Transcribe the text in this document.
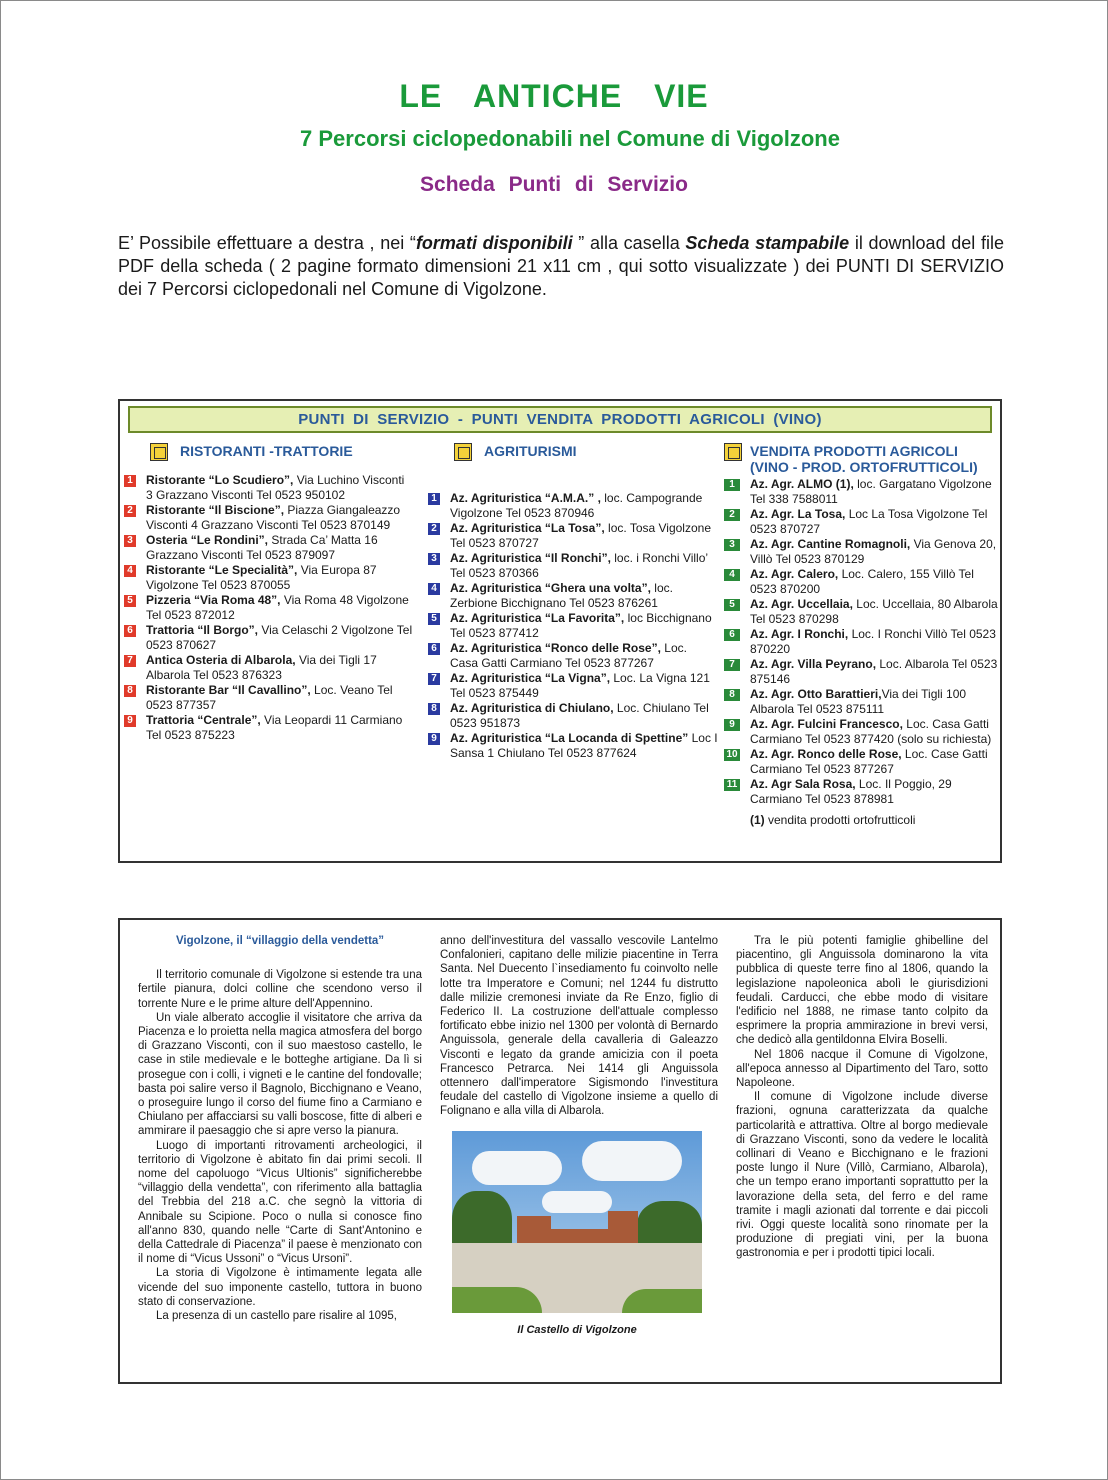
LE ANTICHE VIE
7 Percorsi ciclopedonabili nel Comune di Vigolzone
Scheda Punti di Servizio

E’ Possibile effettuare a destra , nei “formati disponibili ” alla casella Scheda stampabile il download del file PDF della scheda ( 2 pagine formato dimensioni 21 x11 cm , qui sotto visualizzate ) dei PUNTI DI SERVIZIO dei 7 Percorsi ciclopedonali nel Comune di Vigolzone.

PUNTI DI SERVIZIO - PUNTI VENDITA PRODOTTI AGRICOLI (VINO)
RISTORANTI -TRATTORIE
1 Ristorante “Lo Scudiero”, Via Luchino Visconti 3 Grazzano Visconti Tel 0523 950102
2 Ristorante “Il Biscione”, Piazza Giangaleazzo Visconti 4 Grazzano Visconti Tel 0523 870149
3 Osteria “Le Rondini”, Strada Ca’ Matta 16 Grazzano Visconti Tel 0523 879097
4 Ristorante “Le Specialità”, Via Europa 87 Vigolzone Tel 0523 870055
5 Pizzeria “Via Roma 48”, Via Roma 48 Vigolzone Tel 0523 872012
6 Trattoria “Il Borgo”, Via Celaschi 2 Vigolzone Tel 0523 870627
7 Antica Osteria di Albarola, Via dei Tigli 17 Albarola Tel 0523 876323
8 Ristorante Bar “Il Cavallino”, Loc. Veano Tel 0523 877357
9 Trattoria “Centrale”, Via Leopardi 11 Carmiano Tel 0523 875223
AGRITURISMI
1 Az. Agrituristica “A.M.A.” , loc. Campogrande Vigolzone Tel 0523 870946
2 Az. Agrituristica “La Tosa”, loc. Tosa Vigolzone Tel 0523 870727
3 Az. Agrituristica “Il Ronchi”, loc. i Ronchi Villo’ Tel 0523 870366
4 Az. Agrituristica “Ghera una volta”, loc. Zerbione Bicchignano Tel 0523 876261
5 Az. Agrituristica “La Favorita”, loc Bicchignano Tel 0523 877412
6 Az. Agrituristica “Ronco delle Rose”, Loc. Casa Gatti Carmiano Tel 0523 877267
7 Az. Agrituristica “La Vigna”, Loc. La Vigna 121 Tel 0523 875449
8 Az. Agrituristica di Chiulano, Loc. Chiulano Tel 0523 951873
9 Az. Agrituristica “La Locanda di Spettine” Loc I Sansa 1 Chiulano Tel 0523 877624
VENDITA PRODOTTI AGRICOLI (VINO - PROD. ORTOFRUTTICOLI)
1	Az. Agr. ALMO (1), loc. Gargatano Vigolzone Tel 338 7588011
2	Az. Agr. La Tosa, Loc La Tosa Vigolzone Tel 0523 870727
3	Az. Agr. Cantine Romagnoli, Via Genova 20, Villò Tel 0523 870129
4	Az. Agr. Calero, Loc. Calero, 155 Villò Tel 0523 870200
5	Az. Agr. Uccellaia, Loc. Uccellaia, 80 Albarola Tel 0523 870298
6	Az. Agr. I Ronchi, Loc. I Ronchi Villò Tel 0523 870220
7	Az. Agr. Villa Peyrano, Loc. Albarola Tel 0523 875146
8	Az. Agr. Otto Barattieri,Via dei Tigli 100 Albarola Tel 0523 875111
9	Az. Agr. Fulcini Francesco, Loc. Casa Gatti Carmiano Tel 0523 877420 (solo su richiesta)
10 Az. Agr. Ronco delle Rose, Loc. Case Gatti Carmiano Tel 0523 877267
11 Az. Agr Sala Rosa, Loc. Il Poggio, 29 Carmiano Tel 0523 878981
(1) vendita prodotti ortofrutticoli
Vigolzone, il “villaggio della vendetta”

Il territorio comunale di Vigolzone si estende tra una fertile pianura, dolci colline che scendono verso il torrente Nure e le prime alture dell'Appennino.

Un viale alberato accoglie il visitatore che arriva da Piacenza e lo proietta nella magica atmosfera del borgo di Grazzano Visconti, con il suo maestoso castello, le case in stile medievale e le botteghe artigiane. Da lì si prosegue con i colli, i vigneti e le cantine del fondovalle; basta poi salire verso il Bagnolo, Bicchignano e Veano, o proseguire lungo il corso del fiume fino a Carmiano e Chiulano per affacciarsi su valli boscose, fitte di alberi e ammirare il paesaggio che si apre verso la pianura.

Luogo di importanti ritrovamenti archeologici, il territorio di Vigolzone è abitato fin dai primi secoli. Il nome del capoluogo “Vìcus Ultionis” significherebbe “villaggio della vendetta”, con riferimento alla battaglia del Trebbia del 218 a.C. che segnò la vittoria di Annibale su Scipione. Poco o nulla si conosce fino all'anno 830, quando nelle “Carte di Sant'Antonino e della Cattedrale di Piacenza” il paese è menzionato con il nome di “Vicus Ussoni” o “Vicus Ursoni”.

La storia di Vigolzone è intimamente legata alle vicende del suo imponente castello, tuttora in buono stato di conservazione.

La presenza di un castello pare risalire al 1095,

anno dell'investitura del vassallo vescovile Lantelmo Confalonieri, capitano delle milizie piacentine in Terra Santa. Nel Duecento l`insediamento fu coinvolto nelle lotte tra Imperatore e Comuni; nel 1244 fu distrutto dalle milizie cremonesi inviate da Re Enzo, figlio di Federico II. La costruzione dell'attuale complesso fortificato ebbe inizio nel 1300 per volontà di Bernardo Anguissola, generale della cavalleria di Galeazzo Visconti e legato da grande amicizia con il poeta Francesco Petrarca. Nei 1414 gli Anguissola ottennero dall'imperatore Sigismondo l'investitura feudale del castello di Vigolzone insieme a quello di Folignano e alla villa di Albarola.
Il Castello di Vigolzone

Tra le più potenti famiglie ghibelline del piacentino, gli Anguissola dominarono la vita pubblica di queste terre fino al 1806, quando la legislazione napoleonica abolì le giurisdizioni feudali. Carducci, che ebbe modo di visitare l'edificio nel 1888, ne rimase tanto colpito da esprimere la propria ammirazione in brevi versi, che dedicò alla gentildonna Elvira Boselli.

Nel 1806 nacque il Comune di Vigolzone, all'epoca annesso al Dipartimento del Taro, sotto Napoleone.

Il comune di Vigolzone include diverse frazioni, ognuna caratterizzata da qualche particolarità e attrattiva. Oltre al borgo medievale di Grazzano Visconti, sono da vedere le località collinari di Veano e Bicchignano e le frazioni poste lungo il Nure (Villò, Carmiano, Albarola), che un tempo erano importanti soprattutto per la lavorazione della seta, del ferro e del rame tramite i magli azionati dal torrente e dai piccoli rivi. Oggi queste località sono rinomate per la produzione di pregiati vini, per la buona gastronomia e per i prodotti tipici locali.
